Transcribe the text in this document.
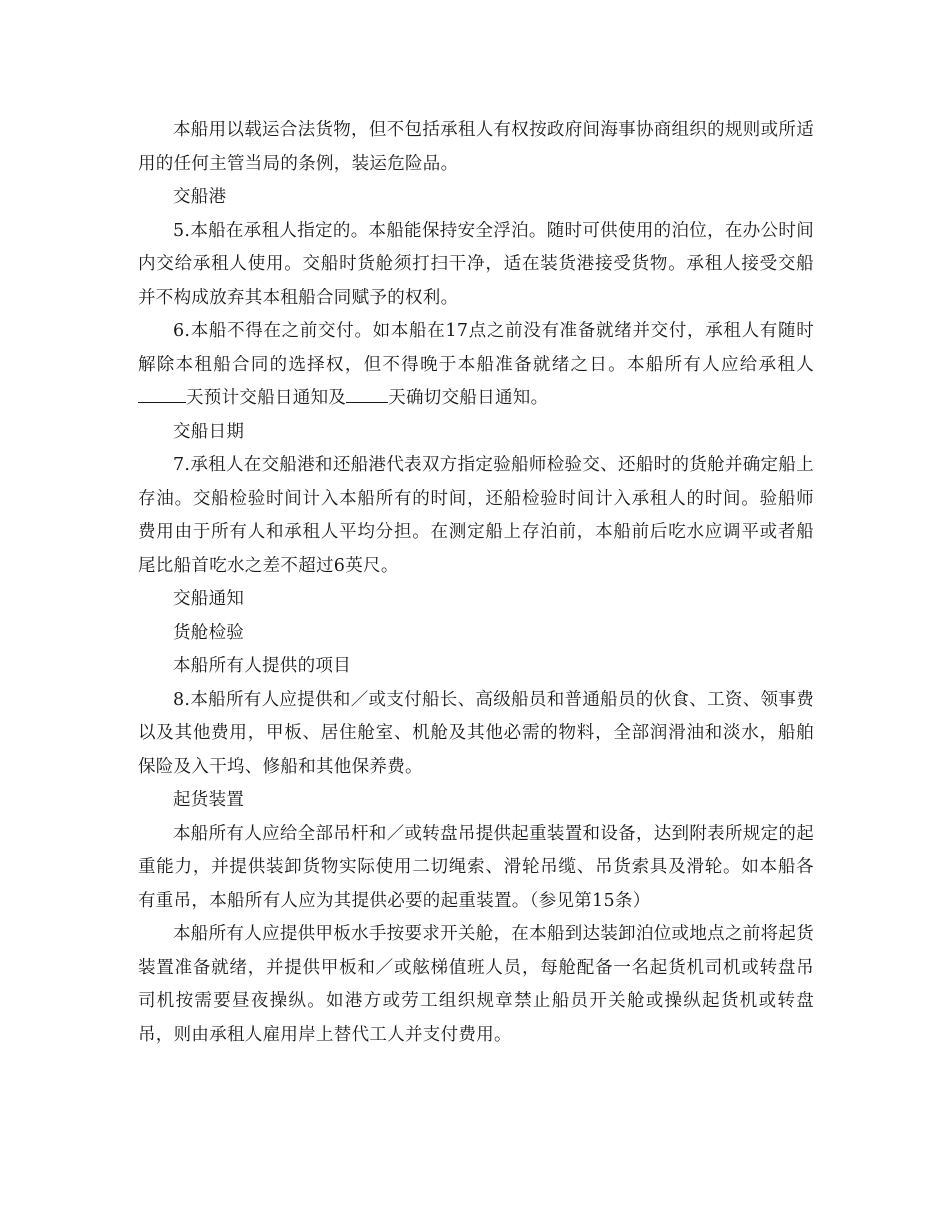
本船用以载运合法货物，但不包括承租人有权按政府间海事协商组织的规则或所适用的任何主管当局的条例，装运危险品。

交船港

5.本船在承租人指定的。本船能保持安全浮泊。随时可供使用的泊位，在办公时间内交给承租人使用。交船时货舱须打扫干净，适在装货港接受货物。承租人接受交船并不构成放弃其本租船合同赋予的权利。

6.本船不得在之前交付。如本船在17点之前没有准备就绪并交付，承租人有随时解除本租船合同的选择权，但不得晚于本船准备就绪之日。本船所有人应给承租人天预计交船日通知及 天确切交船日通知。

交船日期

7.承租人在交船港和还船港代表双方指定验船师检验交、还船时的货舱并确定船上存油。交船检验时间计入本船所有的时间，还船检验时间计入承租人的时间。验船师费用由于所有人和承租人平均分担。在测定船上存泊前，本船前后吃水应调平或者船尾比船首吃水之差不超过6英尺。

交船通知

货舱检验

本船所有人提供的项目

8.本船所有人应提供和／或支付船长、高级船员和普通船员的伙食、工资、领事费以及其他费用，甲板、居住舱室、机舱及其他必需的物料，全部润滑油和淡水，船舶保险及入干坞、修船和其他保养费。

起货装置

本船所有人应给全部吊杆和／或转盘吊提供起重装置和设备，达到附表所规定的起重能力，并提供装卸货物实际使用二切绳索、滑轮吊缆、吊货索具及滑轮。如本船各有重吊，本船所有人应为其提供必要的起重装置。（参见第15条）

本船所有人应提供甲板水手按要求开关舱，在本船到达装卸泊位或地点之前将起货装置准备就绪，并提供甲板和／或舷梯值班人员，每舱配备一名起货机司机或转盘吊司机按需要昼夜操纵。如港方或劳工组织规章禁止船员开关舱或操纵起货机或转盘吊，则由承租人雇用岸上替代工人并支付费用。
